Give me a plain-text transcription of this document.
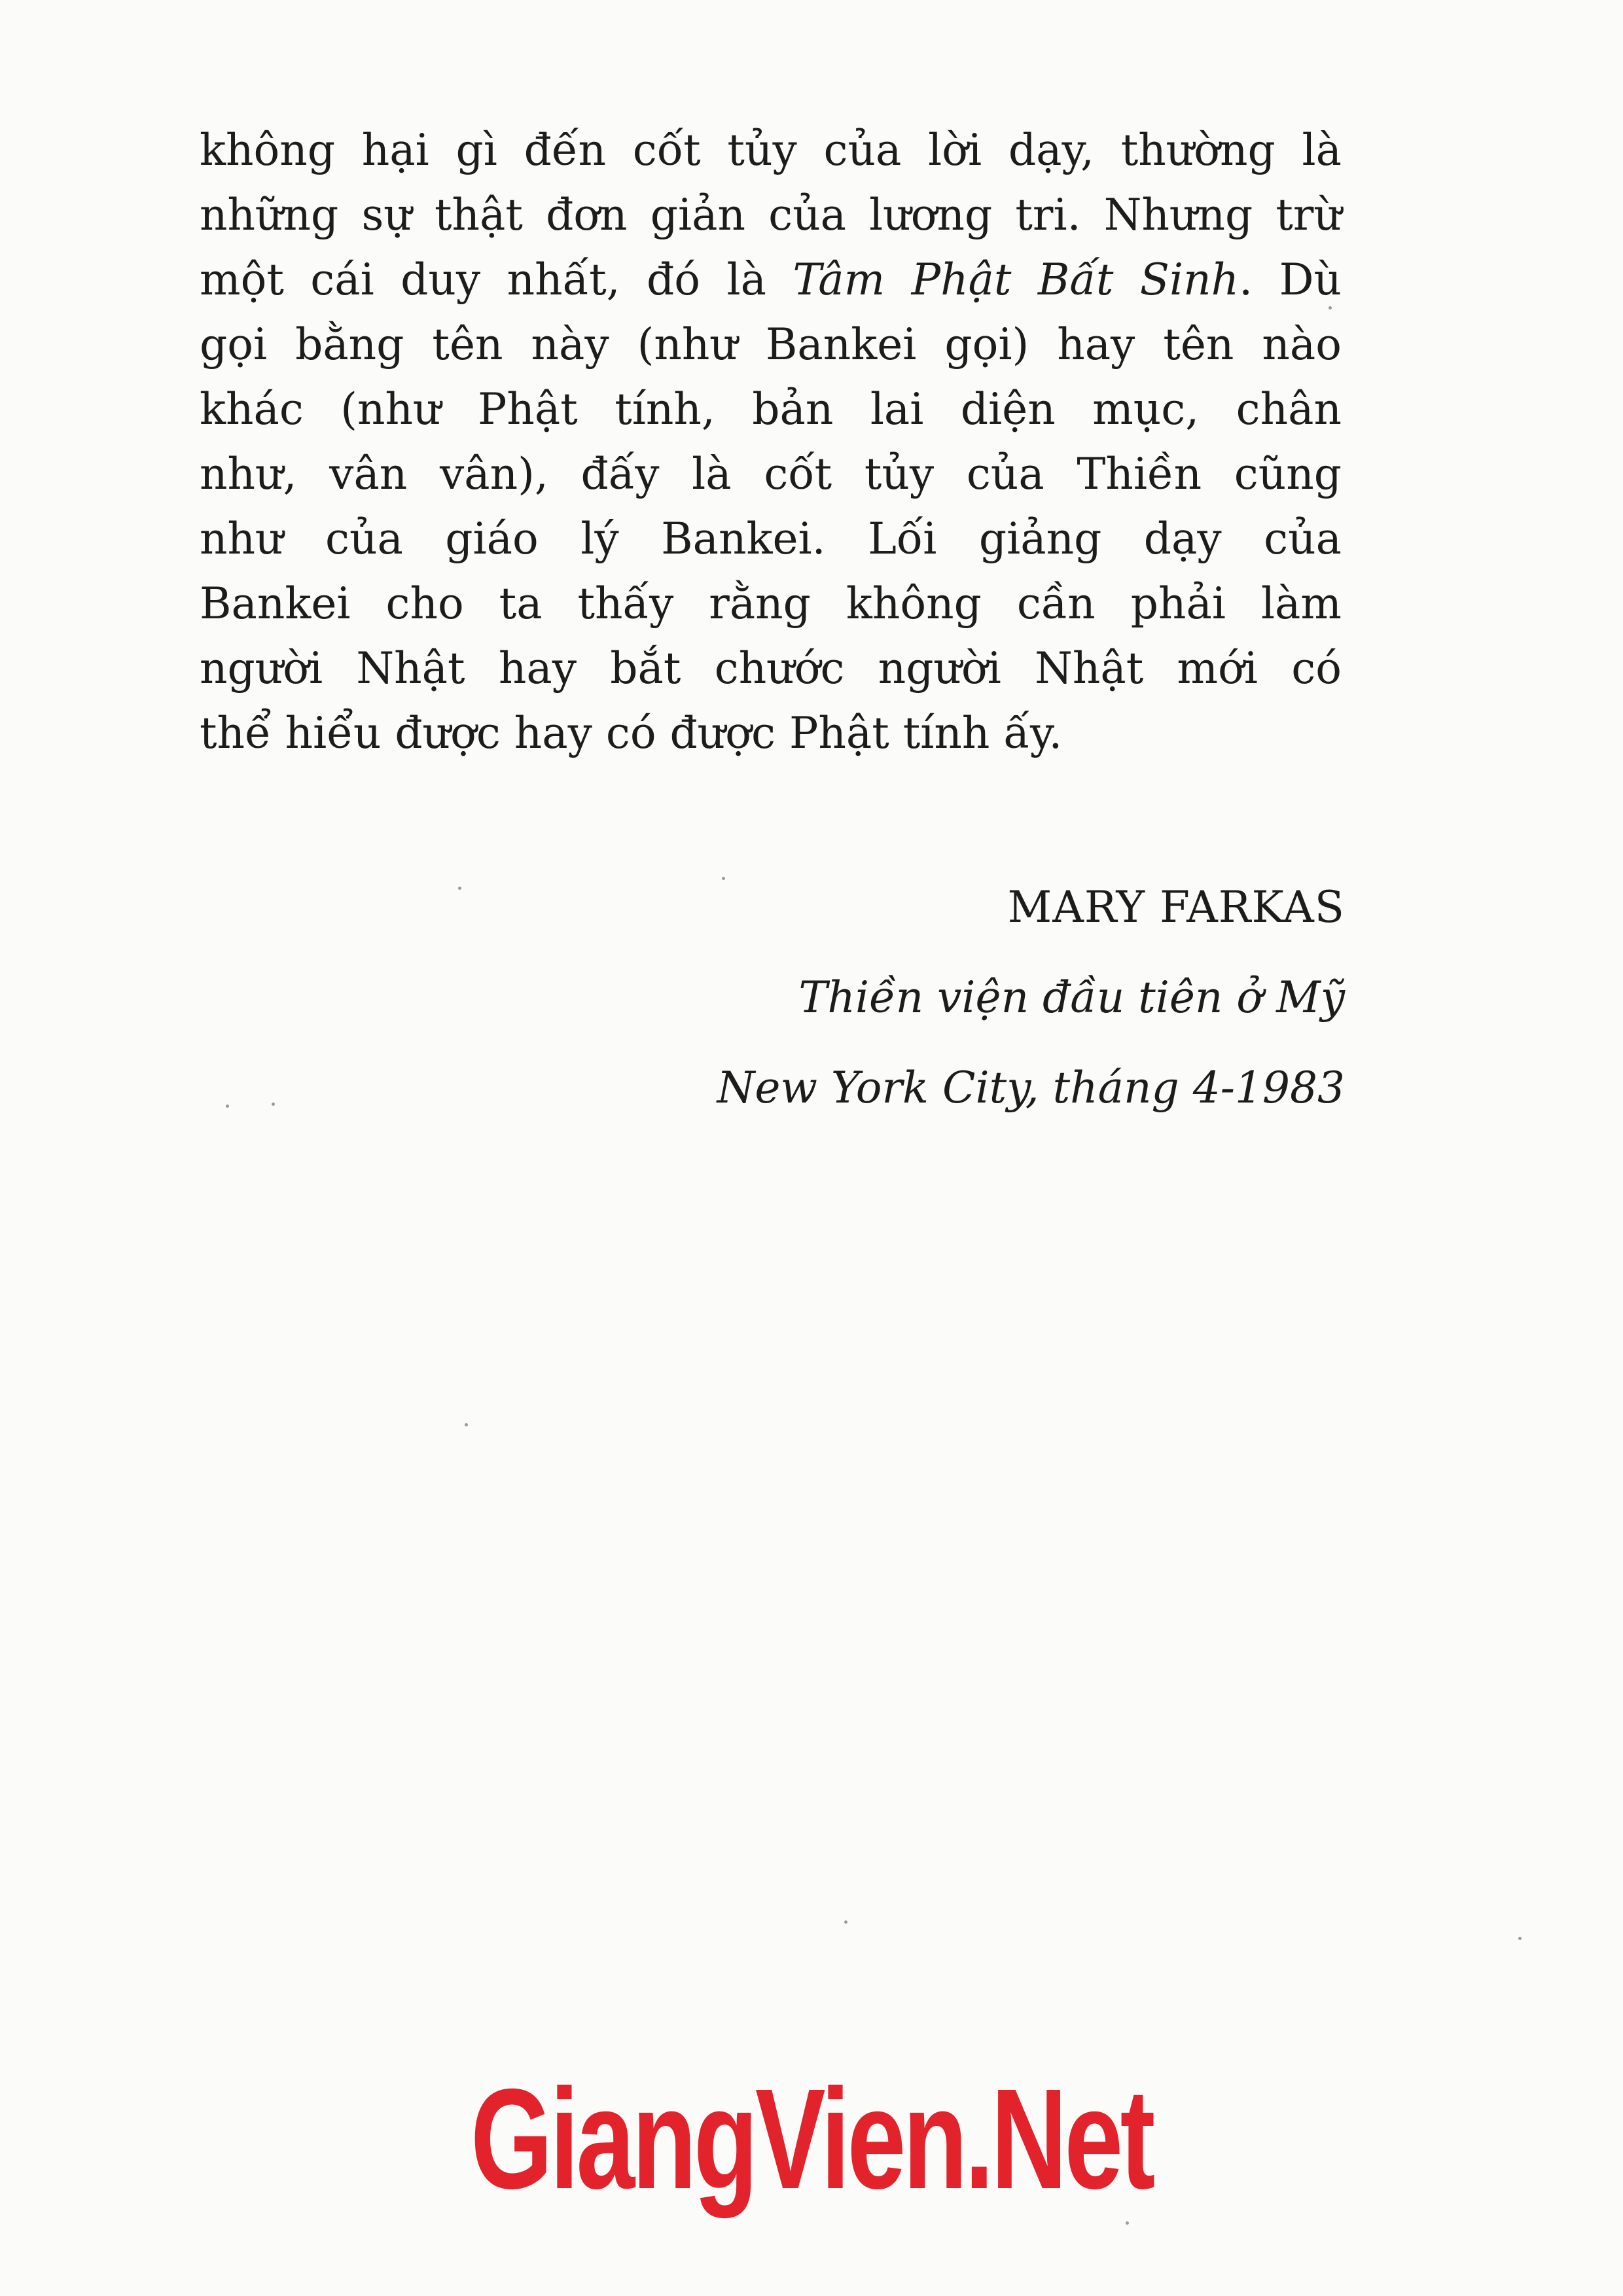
không hại gì đến cốt tủy của lời dạy, thường là
những sự thật đơn giản của lương tri. Nhưng trừ
một cái duy nhất, đó là Tâm Phật Bất Sinh. Dù
gọi bằng tên này (như Bankei gọi) hay tên nào
khác (như Phật tính, bản lai diện mục, chân
như, vân vân), đấy là cốt tủy của Thiền cũng
như của giáo lý Bankei. Lối giảng dạy của
Bankei cho ta thấy rằng không cần phải làm
người Nhật hay bắt chước người Nhật mới có
thể hiểu được hay có được Phật tính ấy.

MARY FARKAS
Thiền viện đầu tiên ở Mỹ
New York City, tháng 4-1983
GiangVien.Net
